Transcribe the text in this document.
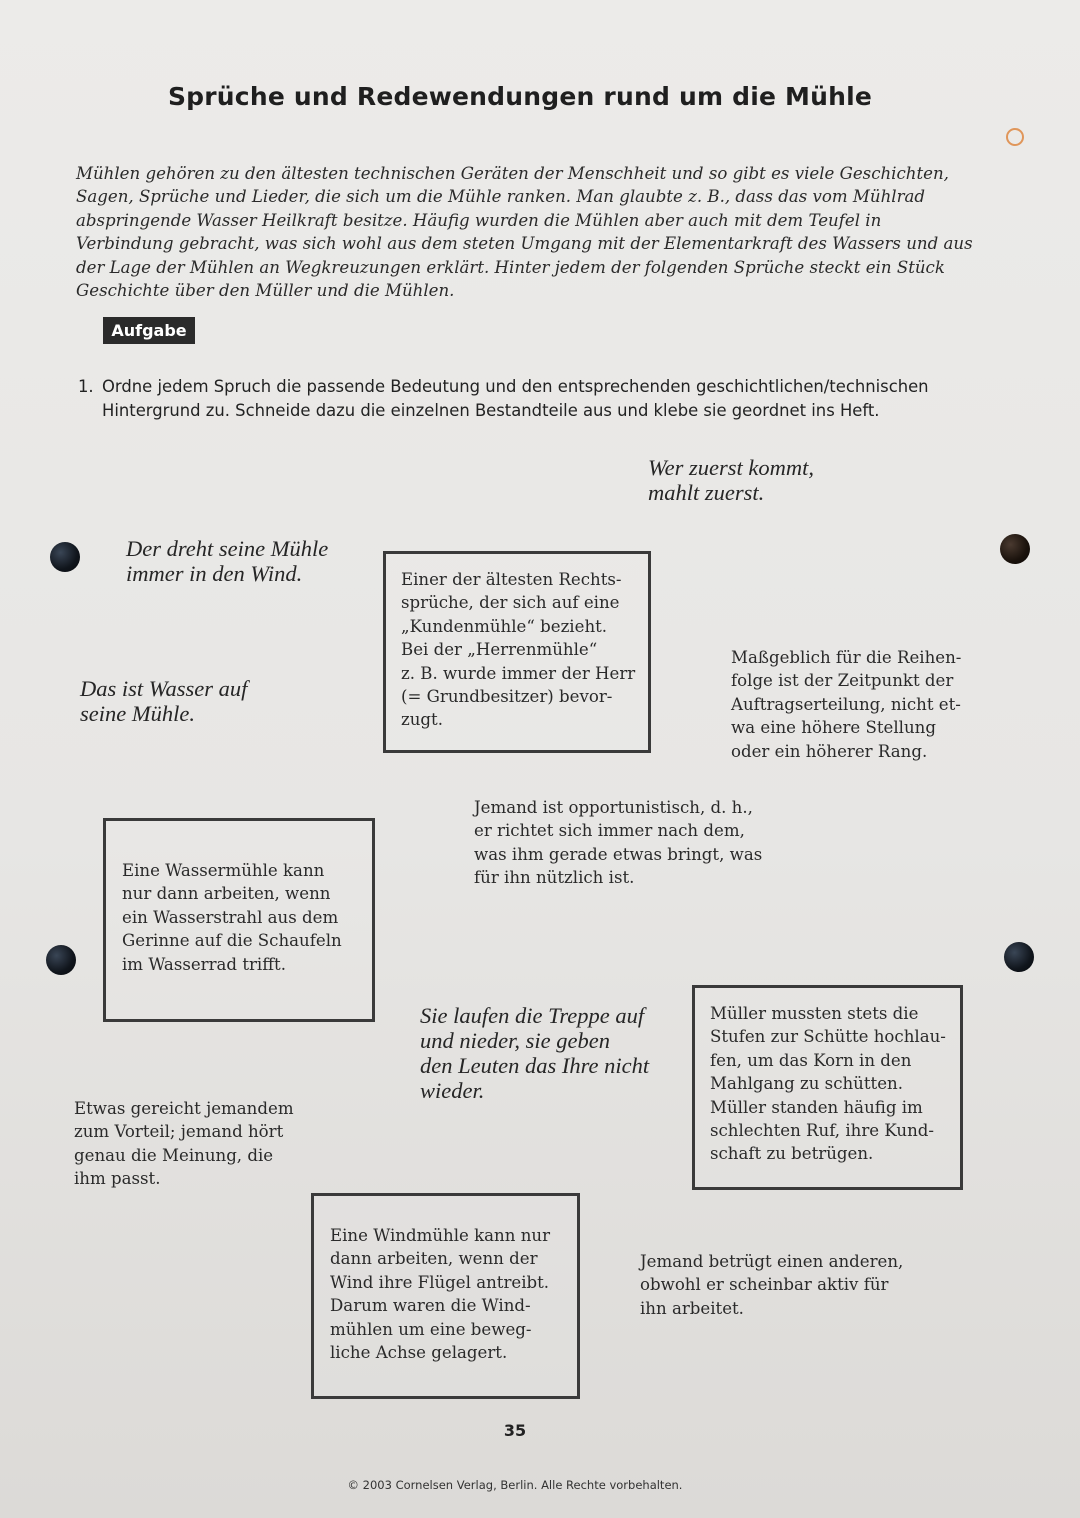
Sprüche und Redewendungen rund um die Mühle
Mühlen gehören zu den ältesten technischen Geräten der Menschheit und so gibt es viele Geschichten, Sagen, Sprüche und Lieder, die sich um die Mühle ranken. Man glaubte z. B., dass das vom Mühlrad abspringende Wasser Heilkraft besitze. Häufig wurden die Mühlen aber auch mit dem Teufel in Verbindung gebracht, was sich wohl aus dem steten Umgang mit der Elementarkraft des Wassers und aus der Lage der Mühlen an Wegkreuzungen erklärt. Hinter jedem der folgenden Sprüche steckt ein Stück Geschichte über den Müller und die Mühlen.
Aufgabe
1. Ordne jedem Spruch die passende Bedeutung und den entsprechenden geschichtlichen/technischen Hintergrund zu. Schneide dazu die einzelnen Bestandteile aus und klebe sie geordnet ins Heft.
Wer zuerst kommt,
mahlt zuerst.
Der dreht seine Mühle
immer in den Wind.
Das ist Wasser auf
seine Mühle.
Sie laufen die Treppe auf
und nieder, sie geben
den Leuten das Ihre nicht
wieder.
Einer der ältesten Rechts-
sprüche, der sich auf eine
„Kundenmühle“ bezieht.
Bei der „Herrenmühle“
z. B. wurde immer der Herr
(= Grundbesitzer) bevor-
zugt.
Eine Wassermühle kann
nur dann arbeiten, wenn
ein Wasserstrahl aus dem
Gerinne auf die Schaufeln
im Wasserrad trifft.
Müller mussten stets die
Stufen zur Schütte hochlau-
fen, um das Korn in den
Mahlgang zu schütten.
Müller standen häufig im
schlechten Ruf, ihre Kund-
schaft zu betrügen.
Eine Windmühle kann nur
dann arbeiten, wenn der
Wind ihre Flügel antreibt.
Darum waren die Wind-
mühlen um eine beweg-
liche Achse gelagert.
Maßgeblich für die Reihen-
folge ist der Zeitpunkt der
Auftragserteilung, nicht et-
wa eine höhere Stellung
oder ein höherer Rang.
Jemand ist opportunistisch, d. h.,
er richtet sich immer nach dem,
was ihm gerade etwas bringt, was
für ihn nützlich ist.
Etwas gereicht jemandem
zum Vorteil; jemand hört
genau die Meinung, die
ihm passt.
Jemand betrügt einen anderen,
obwohl er scheinbar aktiv für
ihn arbeitet.
35
© 2003 Cornelsen Verlag, Berlin. Alle Rechte vorbehalten.
